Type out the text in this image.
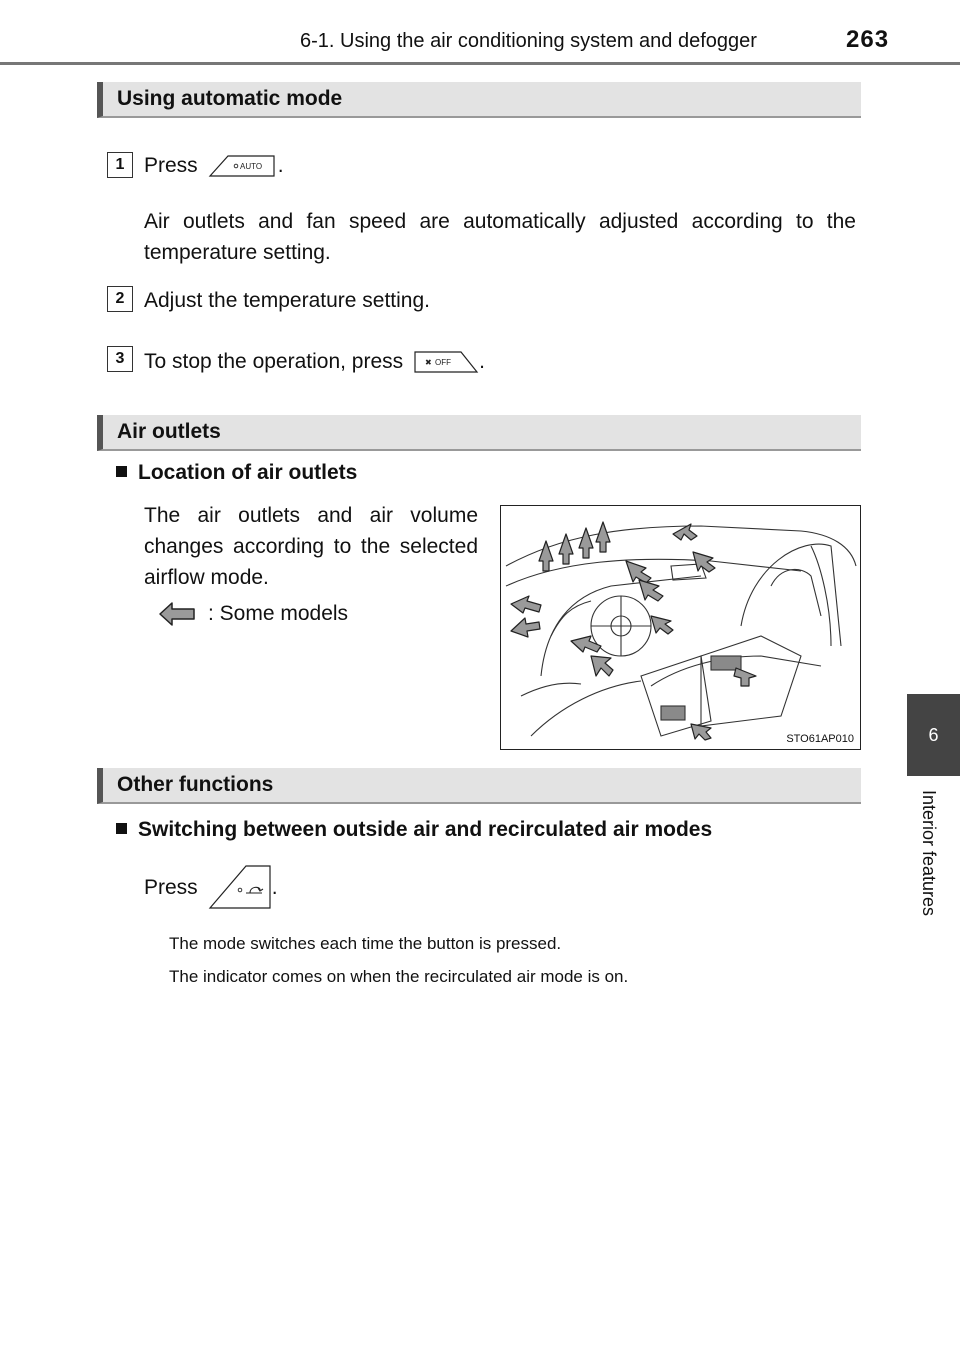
6-1. Using the air conditioning system and defogger	263
6
Interior features
Using automatic mode
1 Press	AUTO .
Air outlets and fan speed are automatically adjusted according to the temperature setting.
2 Adjust the temperature setting.
3 To stop the operation, press	✖ OFF .
Air outlets
Location of air outlets
The air outlets and air volume changes according to the selected airflow mode.
: Some models
STO61AP010
Other functions
Switching between outside air and recirculated air modes
Press	.
The mode switches each time the button is pressed.
The indicator comes on when the recirculated air mode is on.
